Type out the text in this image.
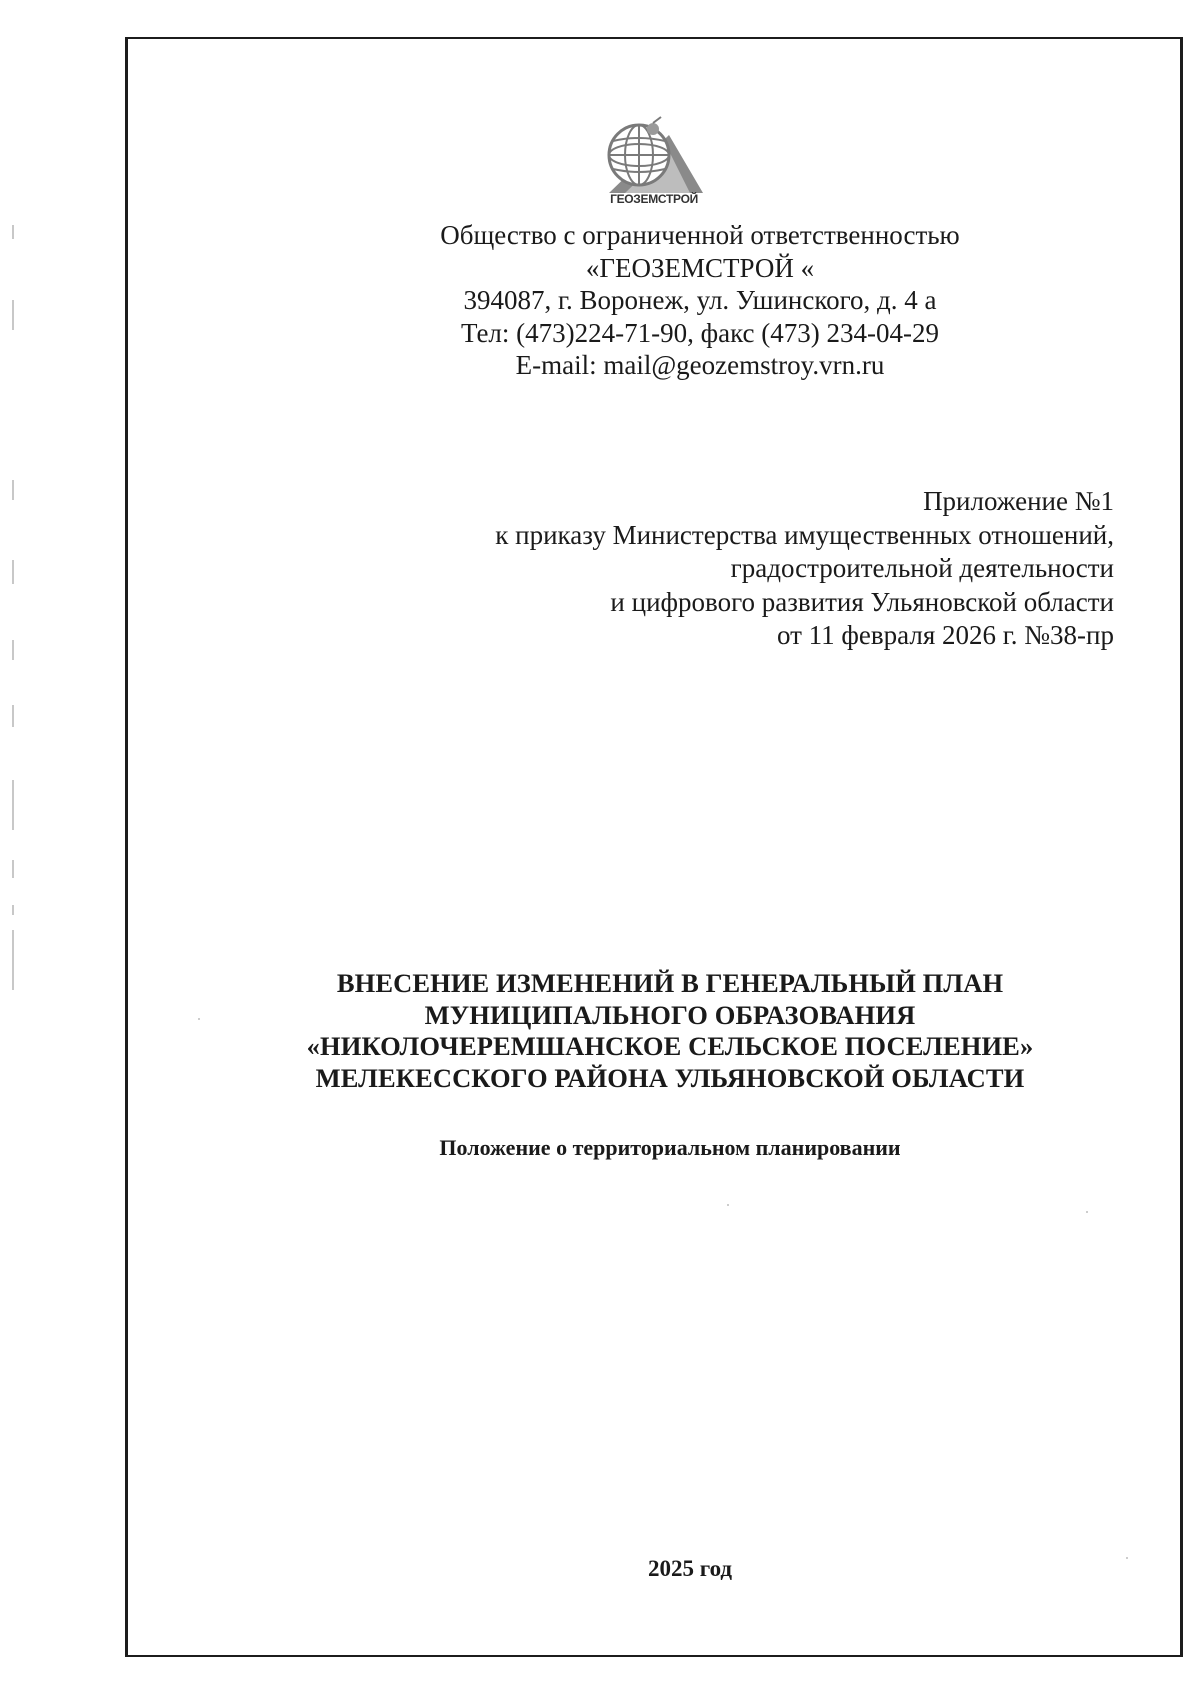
ГЕОЗЕМСТРОЙ
Общество с ограниченной ответственностью
«ГЕОЗЕМСТРОЙ «
394087, г. Воронеж, ул. Ушинского, д. 4 а
Тел: (473)224-71-90, факс (473) 234-04-29
E-mail: mail@geozemstroy.vrn.ru
Приложение №1
к приказу Министерства имущественных отношений,
градостроительной деятельности
и цифрового развития Ульяновской области
от 11 февраля 2026 г. №38-пр
ВНЕСЕНИЕ ИЗМЕНЕНИЙ В ГЕНЕРАЛЬНЫЙ ПЛАН
МУНИЦИПАЛЬНОГО ОБРАЗОВАНИЯ
«НИКОЛОЧЕРЕМШАНСКОЕ СЕЛЬСКОЕ ПОСЕЛЕНИЕ»
МЕЛЕКЕССКОГО РАЙОНА УЛЬЯНОВСКОЙ ОБЛАСТИ
Положение о территориальном планировании
2025 год
